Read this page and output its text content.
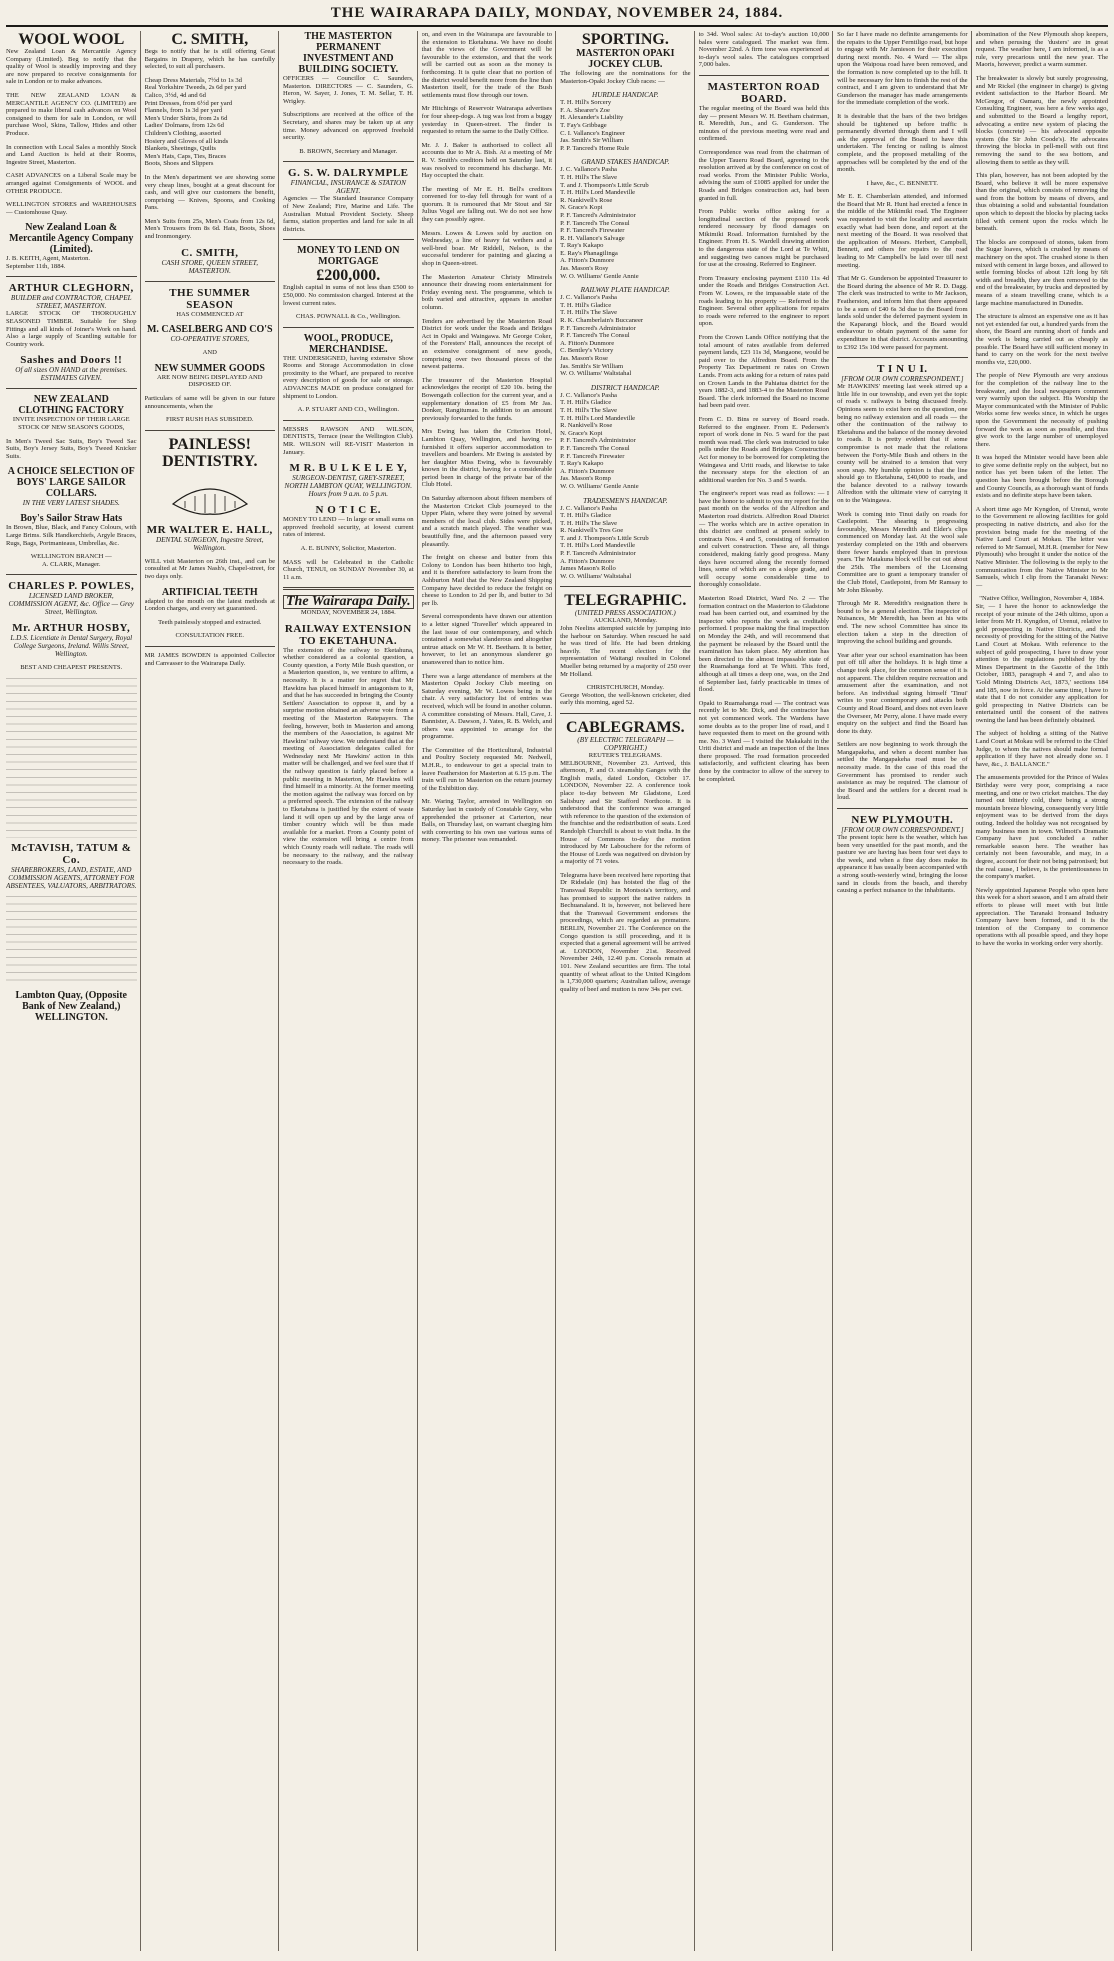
THE WAIRARAPA DAILY, MONDAY, NOVEMBER 24, 1884.
WOOL WOOL
New Zealand Loan & Mercantile Agency Company (Limited). Beg to notify that the quality of Wool is steadily improving and they are now prepared to receive consignments for sale in London or to make advances.
THE NEW ZEALAND LOAN & MERCANTILE AGENCY CO. (LIMITED) are prepared to make liberal cash advances on Wool consigned to them for sale in London, or will purchase Wool, Skins, Tallow, Hides and other Produce.
In connection with Local Sales a monthly Stock and Land Auction is held at their Rooms, Ingestre Street, Masterton.
CASH ADVANCES on a Liberal Scale may be arranged against Consignments of WOOL and OTHER PRODUCE.
WELLINGTON STORES and WAREHOUSES — Customhouse Quay.
New Zealand Loan & Mercantile Agency Company (Limited).
J. B. KEITH, Agent, Masterton.
September 11th, 1884.
ARTHUR CLEGHORN,
BUILDER and CONTRACTOR, CHAPEL STREET, MASTERTON.
LARGE STOCK OF THOROUGHLY SEASONED TIMBER. Suitable for Shop Fittings and all kinds of Joiner's Work on hand. Also a large supply of Scantling suitable for Country work.
Sashes and Doors !!
Of all sizes ON HAND at the premises. ESTIMATES GIVEN.
NEW ZEALAND CLOTHING FACTORY
INVITE INSPECTION OF THEIR LARGE STOCK OF NEW SEASON'S GOODS,
In Men's Tweed Sac Suits, Boy's Tweed Sac Suits, Boy's Jersey Suits, Boy's Tweed Knicker Suits.
A CHOICE SELECTION OF BOYS' LARGE SAILOR COLLARS.
IN THE VERY LATEST SHADES.
Boy's Sailor Straw Hats
In Brown, Blue, Black, and Fancy Colours, with Large Brims. Silk Handkerchiefs, Argyle Braces, Rugs, Bags, Portmanteaus, Umbrellas, &c.
WELLINGTON BRANCH —
A. CLARK, Manager.
CHARLES P. POWLES,
LICENSED LAND BROKER, COMMISSION AGENT, &c. Office — Grey Street, Wellington.
Mr. ARTHUR HOSBY,
L.D.S. Licentiate in Dental Surgery, Royal College Surgeons, Ireland. Willis Street, Wellington.
BEST AND CHEAPEST PRESENTS.
McTAVISH, TATUM & Co.
SHAREBROKERS, LAND, ESTATE, AND COMMISSION AGENTS, ATTORNEY FOR ABSENTEES, VALUATORS, ARBITRATORS.
Lambton Quay, (Opposite Bank of New Zealand,) WELLINGTON.
C. SMITH,
Begs to notify that he is still offering Great Bargains in Drapery, which he has carefully selected, to suit all purchasers.
Cheap Dress Materials, 7½d to 1s 3d
Real Yorkshire Tweeds, 2s 6d per yard
Calico, 3½d, 4d and 6d
Print Dresses, from 6½d per yard
Flannels, from 1s 3d per yard
Men's Under Shirts, from 2s 6d
Ladies' Dolmans, from 12s 6d
Children's Clothing, assorted
Hosiery and Gloves of all kinds
Blankets, Sheetings, Quilts
Men's Hats, Caps, Ties, Braces
Boots, Shoes and Slippers
In the Men's department we are showing some very cheap lines, bought at a great discount for cash, and will give our customers the benefit, comprising — Knives, Spoons, and Cooking Pans.
Men's Suits from 25s, Men's Coats from 12s 6d, Men's Trousers from 8s 6d. Hats, Boots, Shoes and Ironmongery.
C. SMITH,
CASH STORE, QUEEN STREET, MASTERTON.
THE SUMMER SEASON
HAS COMMENCED AT
M. CASELBERG AND CO'S
CO-OPERATIVE STORES,
AND
NEW SUMMER GOODS
ARE NOW BEING DISPLAYED AND DISPOSED OF.
Particulars of same will be given in our future announcements, when the
FIRST RUSH HAS SUBSIDED.
PAINLESS! DENTISTRY.
MR WALTER E. HALL,
DENTAL SURGEON, Ingestre Street, Wellington.
WILL visit Masterton on 26th inst., and can be consulted at Mr James Nash's, Chapel-street, for two days only.
ARTIFICIAL TEETH
adapted to the mouth on the latest methods at London charges, and every set guaranteed.
Teeth painlessly stopped and extracted.
CONSULTATION FREE.
MR JAMES BOWDEN is appointed Collector and Canvasser to the Wairarapa Daily.
THE MASTERTON PERMANENT INVESTMENT AND BUILDING SOCIETY.
OFFICERS — Councillor C. Saunders, Masterton. DIRECTORS — C. Saunders, G. Heron, W. Sayer, J. Jones, T. M. Sellar, T. H. Wrigley.
Subscriptions are received at the office of the Secretary, and shares may be taken up at any time. Money advanced on approved freehold security.
B. BROWN, Secretary and Manager.
G. S. W. DALRYMPLE
FINANCIAL, INSURANCE & STATION AGENT.
Agencies — The Standard Insurance Company of New Zealand; Fire, Marine and Life. The Australian Mutual Provident Society. Sheep farms, station properties and land for sale in all districts.
MONEY TO LEND ON MORTGAGE
£200,000.
English capital in sums of not less than £500 to £50,000. No commission charged. Interest at the lowest current rates.
CHAS. POWNALL & Co., Wellington.
WOOL, PRODUCE, MERCHANDISE.
THE UNDERSIGNED, having extensive Show Rooms and Storage Accommodation in close proximity to the Wharf, are prepared to receive every description of goods for sale or storage. ADVANCES MADE on produce consigned for shipment to London.
A. P. STUART AND CO., Wellington.
MESSRS RAWSON AND WILSON, DENTISTS, Terrace (near the Wellington Club). MR. WILSON will RE-VISIT Masterton in January.
M R. B U L K E L E Y,
SURGEON-DENTIST, GREY-STREET, NORTH LAMBTON QUAY, WELLINGTON. Hours from 9 a.m. to 5 p.m.
N O T I C E.
MONEY TO LEND — In large or small sums on approved freehold security, at lowest current rates of interest.
A. E. BUNNY, Solicitor, Masterton.
MASS will be Celebrated in the Catholic Church, TENUI, on SUNDAY November 30, at 11 a.m.
The Wairarapa Daily.
MONDAY, NOVEMBER 24, 1884.
RAILWAY EXTENSION TO EKETAHUNA.
The extension of the railway to Eketahuna, whether considered as a colonial question, a County question, a Forty Mile Bush question, or a Masterton question, is, we venture to affirm, a necessity. It is a matter for regret that Mr Hawkins has placed himself in antagonism to it, and that he has succeeded in bringing the County Settlers' Association to oppose it, and by a surprise motion obtained an adverse vote from a meeting of the Masterton Ratepayers. The feeling, however, both in Masterton and among the members of the Association, is against Mr Hawkins' railway view. We understand that at the meeting of Association delegates called for Wednesday next Mr Hawkins' action in this matter will be challenged, and we feel sure that if the railway question is fairly placed before a public meeting in Masterton, Mr Hawkins will find himself in a minority. At the former meeting the motion against the railway was forced on by a preferred speech. The extension of the railway to Eketahuna is justified by the extent of waste land it will open up and by the large area of timber country which will be thus made available for a market. From a County point of view the extension will bring a centre from which County roads will radiate. The roads will be necessary to the railway, and the railway necessary to the roads.
on, and even in the Wairarapa are favourable to the extension to Eketahuna. We have no doubt that the views of the Government will be favourable to the extension, and that the work will be carried out as soon as the money is forthcoming. It is quite clear that no portion of the district would benefit more from the line than Masterton itself, for the trade of the Bush settlements must flow through our town.
Mr Hitchings of Reservoir Wairarapa advertises for four sheep-dogs. A tug was lost from a buggy yesterday in Queen-street. The finder is requested to return the same to the Daily Office.
Mr. J. J. Baker is authorised to collect all accounts due to Mr A. Bish. At a meeting of Mr R. V. Smith's creditors held on Saturday last, it was resolved to recommend his discharge. Mr. Hay occupied the chair.
The meeting of Mr E. H. Bell's creditors convened for to-day fell through for want of a quorum. It is rumoured that Mr Stout and Sir Julius Vogel are falling out. We do not see how they can possibly agree.
Messrs. Lowes & Lowes sold by auction on Wednesday, a line of heavy fat wethers and a well-bred boar. Mr Riddell, Nelson, is the successful tenderer for painting and glazing a shop in Queen-street.
The Masterton Amateur Christy Minstrels announce their drawing room entertainment for Friday evening next. The programme, which is both varied and attractive, appears in another column.
Tenders are advertised by the Masterton Road District for work under the Roads and Bridges Act in Opaki and Waingawa. Mr George Coker, of the Foresters' Hall, announces the receipt of an extensive consignment of new goods, comprising over two thousand pieces of the newest patterns.
The treasurer of the Masterton Hospital acknowledges the receipt of £20 10s. being the Bowengath collection for the current year, and a supplementary donation of £5 from Mr Jas. Donker, Rangitumau. In addition to an amount previously forwarded to the funds.
Mrs Ewing has taken the Criterion Hotel, Lambton Quay, Wellington, and having re-furnished it offers superior accommodation to travellers and boarders. Mr Ewing is assisted by her daughter Miss Ewing, who is favourably known in the district, having for a considerable period been in charge of the private bar of the Club Hotel.
On Saturday afternoon about fifteen members of the Masterton Cricket Club journeyed to the Upper Plain, where they were joined by several members of the local club. Sides were picked, and a scratch match played. The weather was beautifully fine, and the afternoon passed very pleasantly.
The freight on cheese and butter from this Colony to London has been hitherto too high, and it is therefore satisfactory to learn from the Ashburton Mail that the New Zealand Shipping Company have decided to reduce the freight on cheese to London to 2d per lb, and butter to 3d per lb.
Several correspondents have drawn our attention to a letter signed 'Traveller' which appeared in the last issue of our contemporary, and which contained a somewhat slanderous and altogether untrue attack on Mr W. H. Beetham. It is better, however, to let an anonymous slanderer go unanswered than to notice him.
There was a large attendance of members at the Masterton Opaki Jockey Club meeting on Saturday evening, Mr W. Lowes being in the chair. A very satisfactory list of entries was received, which will be found in another column. A committee consisting of Messrs. Hall, Cave, J. Bannister, A. Dawson, J. Yates, R. B. Welch, and others was appointed to arrange for the programme.
The Committee of the Horticultural, Industrial and Poultry Society requested Mr. Nedwell, M.H.R., to endeavour to get a special train to leave Featherston for Masterton at 6.15 p.m. The train will run to Masterton on the return journey of the Exhibition day.
Mr. Waring Taylor, arrested in Wellington on Saturday last in custody of Constable Grey, who apprehended the prisoner at Carterton, near Balls, on Thursday last, on warrant charging him with converting to his own use various sums of money. The prisoner was remanded.
SPORTING.
MASTERTON OPAKI JOCKEY CLUB.
The following are the nominations for the Masterton-Opaki Jockey Club races: —
HURDLE HANDICAP.
T. H. Hill's Sorcery
F. A. Shearer's Zoe
H. Alexander's Liability
T. Fay's Gribbage
C. I. Vallance's Engineer
Jas. Smith's Sir William
P. P. Tancred's Home Rule
GRAND STAKES HANDICAP.
J. C. Vallance's Pasha
T. H. Hill's The Slave
T. and J. Thompson's Little Scrub
T. H. Hill's Lord Mandeville
R. Nankivell's Rose
N. Grace's Kopi
P. F. Tancred's Administrator
P. F. Tancred's The Consul
P. F. Tancred's Firewater
R. H. Vallance's Salvage
T. Ray's Kakapo
E. Ray's Phanagilinga
A. Fitton's Dunmore
Jas. Mason's Rosy
W. O. Williams' Gentle Annie
RAILWAY PLATE HANDICAP.
J. C. Vallance's Pasha
T. H. Hill's Gladice
T. H. Hill's The Slave
R. K. Chamberlain's Buccaneer
P. F. Tancred's Administrator
P. F. Tancred's The Consul
A. Fitton's Dunmore
C. Bentley's Victory
Jas. Mason's Rose
Jas. Smith's Sir William
W. O. Williams' Waltstahal
DISTRICT HANDICAP.
J. C. Vallance's Pasha
T. H. Hill's Gladice
T. H. Hill's The Slave
T. H. Hill's Lord Mandeville
R. Nankivell's Rose
N. Grace's Kopi
P. F. Tancred's Administrator
P. F. Tancred's The Consul
P. F. Tancred's Firewater
T. Ray's Kakapo
A. Fitton's Dunmore
Jas. Mason's Romp
W. O. Williams' Gentle Annie
TRADESMEN'S HANDICAP.
J. C. Vallance's Pasha
T. H. Hill's Gladice
T. H. Hill's The Slave
R. Nankivell's Tres Goe
T. and J. Thompson's Little Scrub
T. H. Hill's Lord Mandeville
P. F. Tancred's Administrator
A. Fitton's Dunmore
James Mason's Rollo
W. O. Williams' Waltstahal
TELEGRAPHIC.
(UNITED PRESS ASSOCIATION.)
AUCKLAND, Monday.
John Neelins attempted suicide by jumping into the harbour on Saturday. When rescued he said he was tired of life. He had been drinking heavily. The recent election for the representation of Waitangi resulted in Colonel Mueller being returned by a majority of 250 over Mr Holland.
CHRISTCHURCH, Monday.
George Wootton, the well-known cricketer, died early this morning, aged 52.
CABLEGRAMS.
(BY ELECTRIC TELEGRAPH — COPYRIGHT.)
REUTER'S TELEGRAMS.
MELBOURNE, November 23. Arrived, this afternoon, P. and O. steamship Ganges with the English mails, dated London, October 17. LONDON, November 22. A conference took place to-day between Mr Gladstone, Lord Salisbury and Sir Stafford Northcote. It is understood that the conference was arranged with reference to the question of the extension of the franchise and the redistribution of seats. Lord Randolph Churchill is about to visit India. In the House of Commons to-day the motion introduced by Mr Labouchere for the reform of the House of Lords was negatived on division by a majority of 71 votes.
Telegrams have been received here reporting that Dr Ridsdale (in) has hoisted the flag of the Transvaal Republic in Montsoia's territory, and has promised to support the native raiders in Bechuanaland. It is, however, not believed here that the Transvaal Government endorses the proceedings, which are regarded as premature. BERLIN, November 21. The Conference on the Congo question is still proceeding, and it is expected that a general agreement will be arrived at. LONDON, November 21st. Received November 24th, 12.40 p.m. Consols remain at 101. New Zealand securities are firm. The total quantity of wheat afloat to the United Kingdom is 1,730,000 quarters; Australian tallow, average quality of beef and mutton is now 34s per cwt.
to 34d. Wool sales: At to-day's auction 10,000 bales were catalogued. The market was firm. November 22nd. A firm tone was experienced at to-day's wool sales. The catalogues comprised 7,000 bales.
MASTERTON ROAD BOARD.
The regular meeting of the Board was held this day — present Messrs W. H. Beetham chairman, R. Meredith, Jun., and G. Gunderson. The minutes of the previous meeting were read and confirmed.
Correspondence was read from the chairman of the Upper Taueru Road Board, agreeing to the resolution arrived at by the conference on cost of road works. From the Minister Public Works, advising the sum of £1085 applied for under the Roads and Bridges construction act, had been granted in full.
From Public works office asking for a longitudinal section of the proposed work rendered necessary by flood damages on Mikimiki Road. Information furnished by the Engineer. From H. S. Wardell drawing attention to the dangerous state of the Lord at Te Whiti, and suggesting two canoes might be purchased for use at the crossing. Referred to Engineer.
From Treasury enclosing payment £110 11s 4d under the Roads and Bridges Construction Act. From W. Lowes, re the impassable state of the roads leading to his property — Referred to the Engineer. Several other applications for repairs to roads were referred to the engineer to report upon.
From the Crown Lands Office notifying that the total amount of rates available from deferred payment lands, £23 11s 3d, Mangaone, would be paid over to the Alfredton Board. From the Property Tax Department re rates on Crown Lands. From acts asking for a return of rates paid on Crown Lands in the Pahiatua district for the years 1882-3, and 1883-4 to the Masterton Road Board. The clerk informed the Board no income had been paid over.
From C. D. Bins re survey of Board roads. Referred to the engineer. From E. Pedersen's report of work done in No. 5 ward for the past month was read. The clerk was instructed to take polls under the Roads and Bridges Construction Act for money to be borrowed for completing the Waingawa and Uriti roads, and likewise to take the necessary steps for the election of an additional warden for No. 3 and 5 wards.
The engineer's report was read as follows: — I have the honor to submit to you my report for the past month on the works of the Alfredton and Masterton road districts. Alfredton Road District — The works which are in active operation in this district are confined at present solely to contracts Nos. 4 and 5, consisting of formation and culvert construction. These are, all things considered, making fairly good progress. Many days have occurred along the recently formed lines, some of which are on a slope grade, and will occupy some considerable time to thoroughly consolidate.
Masterton Road District, Ward No. 2 — The formation contract on the Masterton to Gladstone road has been carried out, and examined by the inspector who reports the work as creditably performed. I propose making the final inspection on Monday the 24th, and will recommend that the payment be released by the Board until the examination has taken place. My attention has been directed to the almost impassable state of the Ruamahanga ford at Te Whiti. This ford, although at all times a deep one, was, on the 2nd of September last, fairly practicable in times of flood.
Opaki to Ruamahanga road — The contract was recently let to Mr. Dick, and the contractor has not yet commenced work. The Wardens have some doubts as to the proper line of road, and I have requested them to meet on the ground with me. No. 3 Ward — I visited the Makakahi in the Uriti district and made an inspection of the lines there proposed. The road formation proceeded satisfactorily, and sufficient clearing has been done by the contractor to allow of the survey to be completed.
So far I have made no definite arrangements for the repairs to the Upper Ferntiligo road, but hope to engage with Mr Jamieson for their execution during next month. No. 4 Ward — The slips upon the Waipoua road have been removed, and the formation is now completed up to the hill. It will be necessary for him to finish the rest of the contract, and I am given to understand that Mr Gunderson the manager has made arrangements for the immediate completion of the work.
It is desirable that the bars of the two bridges should be tightened up before traffic is permanently diverted through them and I will ask the approval of the Board to have this undertaken. The fencing or railing is almost complete, and the proposed metalling of the approaches will be completed by the end of the month.
I have, &c., C. BENNETT.
Mr E. E. Chamberlain attended, and informed the Board that Mr R. Hunt had erected a fence in the middle of the Mikimiki road. The Engineer was requested to visit the locality and ascertain exactly what had been done, and report at the next meeting of the Board. It was resolved that the application of Messrs. Herbert, Campbell, Bennett, and others for repairs to the road leading to Mr Campbell's be laid over till next meeting.
That Mr G. Gunderson be appointed Treasurer to the Board during the absence of Mr R. D. Dagg. The clerk was instructed to write to Mr Jackson, Featherston, and inform him that there appeared to be a sum of £40 6s 3d due to the Board from lands sold under the deferred payment system in the Kaparangi block, and the Board would endeavour to obtain payment of the same for expenditure in that district. Accounts amounting to £392 15s 10d were passed for payment.
T I N U I.
[FROM OUR OWN CORRESPONDENT.]
Mr HAWKINS' meeting last week stirred up a little life in our township, and even yet the topic of roads v. railways is being discussed freely. Opinions seem to exist here on the question, one being no railway extension and all roads — the other the continuation of the railway to Eketahuna and the balance of the money devoted to roads. It is pretty evident that if some compromise is not made that the relations between the Forty-Mile Bush and others in the county will be strained to a tension that very soon snap. My humble opinion is that the line should go to Eketahuna, £40,000 to roads, and the balance devoted to a railway towards Alfredton with the ultimate view of carrying it on to the Waingawa.
Work is coming into Tinui daily on roads for Castlepoint. The shearing is progressing favourably, Messrs Meredith and Elder's clips commenced on Monday last. At the wool sale yesterday completed on the 19th and observers there fewer hands employed than in previous years. The Matakuna block will be cut out about the 25th. The members of the Licensing Committee are to grant a temporary transfer of the Club Hotel, Castlepoint, from Mr Ramsay to Mr John Bleasby.
Through Mr R. Meredith's resignation there is bound to be a general election. The inspector of Nuisances, Mr Meredith, has been at his wits end. The new school Committee has since its election taken a step in the direction of improving the school building and grounds.
Year after year our school examination has been put off till after the holidays. It is high time a change took place, for the common sense of it is not apparent. The children require recreation and amusement after the examination, and not before. An individual signing himself 'Tinui' writes to your contemporary and attacks both County and Road Board, and does not even leave the Overseer, Mr Perry, alone. I have made every enquiry on the subject and find the Board has done its duty.
Settlers are now beginning to work through the Mangapakeha, and when a decent number has settled the Mangapakeha road must be of necessity made. In the case of this road the Government has promised to render such assistance as may be required. The clamour of the Board and the settlers for a decent road is loud.
NEW PLYMOUTH.
[FROM OUR OWN CORRESPONDENT.]
The present topic here is the weather, which has been very unsettled for the past month, and the pasture we are having has been four wet days to the week, and when a fine day does make its appearance it has usually been accompanied with a strong south-westerly wind, bringing the loose sand in clouds from the beach, and thereby causing a perfect nuisance to the inhabitants.
abomination of the New Plymouth shop keepers, and when perusing the 'dusters' are in great request. The weather here, I am informed, is as a rule, very precarious until the new year. The Maoris, however, predict a warm summer.
The breakwater is slowly but surely progressing, and Mr Rickel (the engineer in charge) is giving evident satisfaction to the Harbor Board. Mr McGregor, of Oamaru, the newly appointed Consulting Engineer, was here a few weeks ago, and submitted to the Board a lengthy report, advocating a entire new system of placing the blocks (concrete) — his advocated opposite system (the Sir John Coode's). He advocates throwing the blocks in pell-mell with out first removing the sand to the sea bottom, and allowing them to settle as they will.
This plan, however, has not been adopted by the Board, who believe it will be more expensive than the original, which consists of removing the sand from the bottom by means of divers, and thus obtaining a solid and substantial foundation upon which to deposit the blocks by placing tacks filled with cement upon the rocks which lie beneath.
The blocks are composed of stones, taken from the Sugar loaves, which is crushed by means of machinery on the spot. The crushed stone is then mixed with cement in large boxes, and allowed to settle forming blocks of about 12ft long by 6ft width and breadth, they are then removed to the end of the breakwater, by trucks and deposited by means of a steam travelling crane, which is a large machine manufactured in Dunedin.
The structure is almost an expensive one as it has not yet extended far out, a hundred yards from the shore, the Board are running short of funds and the work is being carried out as cheaply as possible. The Board have still sufficient money in hand to carry on the work for the next twelve months viz, £20,000.
The people of New Plymouth are very anxious for the completion of the railway line to the breakwater, and the local newspapers comment very warmly upon the subject. His Worship the Mayor communicated with the Minister of Public Works some few weeks since, in which he urges upon the Government the necessity of pushing forward the work as soon as possible, and thus give work to the large number of unemployed there.
It was hoped the Minister would have been able to give some definite reply on the subject, but no notice has yet been taken of the letter. The question has been brought before the Borough and County Councils, as a thorough want of funds exists and no definite steps have been taken.
A short time ago Mr Kyngdon, of Urenui, wrote to the Government re allowing facilities for gold prospecting in native districts, and also for the provision being made for the meeting of the Native Land Court at Mokau. The letter was referred to Mr Samuel, M.H.R. (member for New Plymouth) who brought it under the notice of the Native Minister. The following is the reply to the communication from the Native Minister to Mr Samuels, which I clip from the Taranaki News: —
"Native Office, Wellington, November 4, 1884.
Sir, — I have the honor to acknowledge the receipt of your minute of the 24th ultimo, upon a letter from Mr H. Kyngdon, of Urenui, relative to gold prospecting in Native Districts, and the necessity of providing for the sitting of the Native Land Court at Mokau. With reference to the subject of gold prospecting, I have to draw your attention to the regulations published by the Mines Department in the Gazette of the 18th October, 1883, paragraph 4 and 7, and also to 'Gold Mining Districts Act, 1873,' sections 184 and 185, now in force. At the same time, I have to state that I do not consider any application for gold prospecting in Native Districts can be entertained until the consent of the natives owning the land has been definitely obtained.
The subject of holding a sitting of the Native Land Court at Mokau will be referred to the Chief Judge, to whom the natives should make formal application if they have not already done so. I have, &c., J. BALLANCE."
The amusements provided for the Prince of Wales Birthday were very poor, comprising a race meeting, and one or two cricket matches. The day turned out bitterly cold, there being a strong mountain breeze blowing, consequently very little enjoyment was to be derived from the days outing. Indeed the holiday was not recognised by many business men in town. Wilmott's Dramatic Company have just concluded a rather remarkable season here. The weather has certainly not been favourable, and may, in a degree, account for their not being patronised; but the real cause, I believe, is the pretentiousness in the company's market.
Newly appointed Japanese People who open here this week for a short season, and I am afraid their efforts to please will meet with but little appreciation. The Taranaki Ironsand Industry Company have been formed, and it is the intention of the Company to commence operations with all possible speed, and they hope to have the works in working order very shortly.
